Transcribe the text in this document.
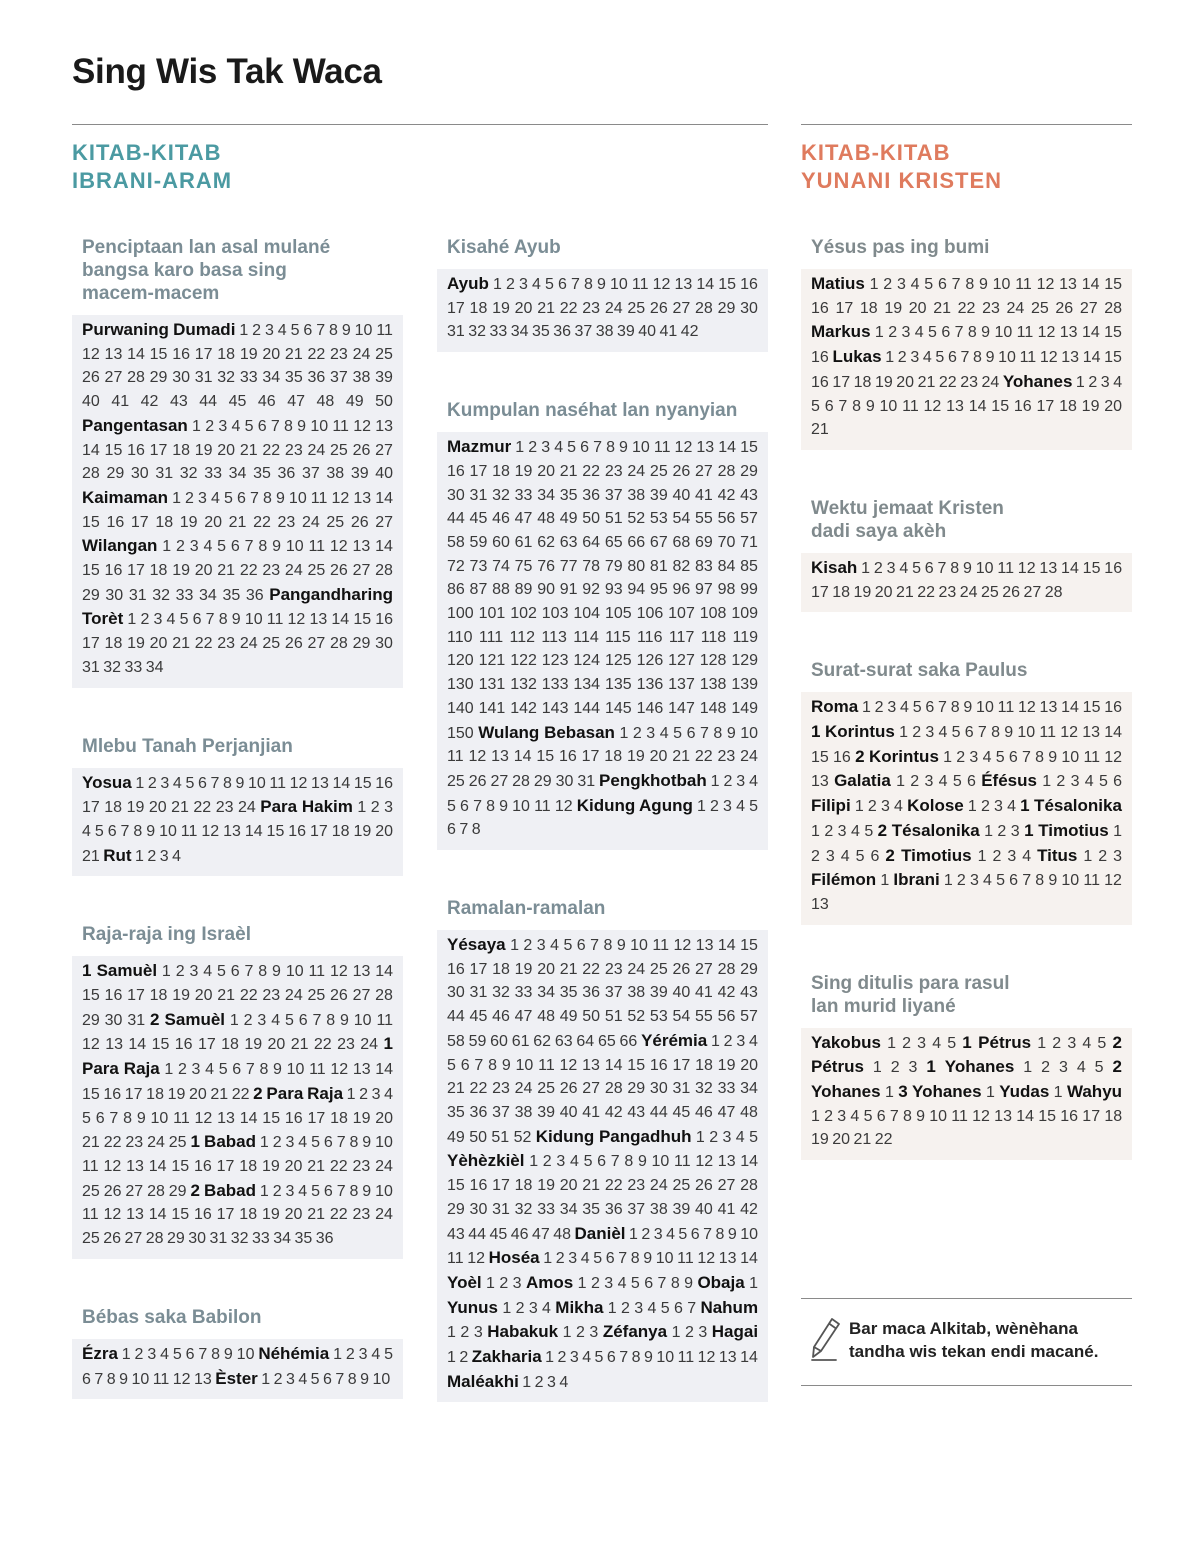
Sing Wis Tak Waca
KITAB-KITAB
IBRANI-ARAM
KITAB-KITAB
YUNANI KRISTEN
Penciptaan lan asal mulané
bangsa karo basa sing
macem-macem
Purwaning Dumadi 1 2 3 4 5 6 7 8 9 10 11 12 13 14 15 16 17 18 19 20 21 22 23 24 25 26 27 28 29 30 31 32 33 34 35 36 37 38 39 40 41 42 43 44 45 46 47 48 49 50 Pangentasan 1 2 3 4 5 6 7 8 9 10 11 12 13 14 15 16 17 18 19 20 21 22 23 24 25 26 27 28 29 30 31 32 33 34 35 36 37 38 39 40 Kaimaman 1 2 3 4 5 6 7 8 9 10 11 12 13 14 15 16 17 18 19 20 21 22 23 24 25 26 27 Wilangan 1 2 3 4 5 6 7 8 9 10 11 12 13 14 15 16 17 18 19 20 21 22 23 24 25 26 27 28 29 30 31 32 33 34 35 36 Pangandharing Torèt 1 2 3 4 5 6 7 8 9 10 11 12 13 14 15 16 17 18 19 20 21 22 23 24 25 26 27 28 29 30 31 32 33 34
Mlebu Tanah Perjanjian
Yosua 1 2 3 4 5 6 7 8 9 10 11 12 13 14 15 16 17 18 19 20 21 22 23 24 Para Hakim 1 2 3 4 5 6 7 8 9 10 11 12 13 14 15 16 17 18 19 20 21 Rut 1 2 3 4
Raja-raja ing Israèl
1 Samuèl 1 2 3 4 5 6 7 8 9 10 11 12 13 14 15 16 17 18 19 20 21 22 23 24 25 26 27 28 29 30 31 2 Samuèl 1 2 3 4 5 6 7 8 9 10 11 12 13 14 15 16 17 18 19 20 21 22 23 24 1 Para Raja 1 2 3 4 5 6 7 8 9 10 11 12 13 14 15 16 17 18 19 20 21 22 2 Para Raja 1 2 3 4 5 6 7 8 9 10 11 12 13 14 15 16 17 18 19 20 21 22 23 24 25 1 Babad 1 2 3 4 5 6 7 8 9 10 11 12 13 14 15 16 17 18 19 20 21 22 23 24 25 26 27 28 29 2 Babad 1 2 3 4 5 6 7 8 9 10 11 12 13 14 15 16 17 18 19 20 21 22 23 24 25 26 27 28 29 30 31 32 33 34 35 36
Bébas saka Babilon
Ézra 1 2 3 4 5 6 7 8 9 10 Néhémia 1 2 3 4 5 6 7 8 9 10 11 12 13 Èster 1 2 3 4 5 6 7 8 9 10
Kisahé Ayub
Ayub 1 2 3 4 5 6 7 8 9 10 11 12 13 14 15 16 17 18 19 20 21 22 23 24 25 26 27 28 29 30 31 32 33 34 35 36 37 38 39 40 41 42
Kumpulan naséhat lan nyanyian
Mazmur 1 2 3 4 5 6 7 8 9 10 11 12 13 14 15 16 17 18 19 20 21 22 23 24 25 26 27 28 29 30 31 32 33 34 35 36 37 38 39 40 41 42 43 44 45 46 47 48 49 50 51 52 53 54 55 56 57 58 59 60 61 62 63 64 65 66 67 68 69 70 71 72 73 74 75 76 77 78 79 80 81 82 83 84 85 86 87 88 89 90 91 92 93 94 95 96 97 98 99 100 101 102 103 104 105 106 107 108 109 110 111 112 113 114 115 116 117 118 119 120 121 122 123 124 125 126 127 128 129 130 131 132 133 134 135 136 137 138 139 140 141 142 143 144 145 146 147 148 149 150 Wulang Bebasan 1 2 3 4 5 6 7 8 9 10 11 12 13 14 15 16 17 18 19 20 21 22 23 24 25 26 27 28 29 30 31 Pengkhotbah 1 2 3 4 5 6 7 8 9 10 11 12 Kidung Agung 1 2 3 4 5 6 7 8
Ramalan-ramalan
Yésaya 1 2 3 4 5 6 7 8 9 10 11 12 13 14 15 16 17 18 19 20 21 22 23 24 25 26 27 28 29 30 31 32 33 34 35 36 37 38 39 40 41 42 43 44 45 46 47 48 49 50 51 52 53 54 55 56 57 58 59 60 61 62 63 64 65 66 Yérémia 1 2 3 4 5 6 7 8 9 10 11 12 13 14 15 16 17 18 19 20 21 22 23 24 25 26 27 28 29 30 31 32 33 34 35 36 37 38 39 40 41 42 43 44 45 46 47 48 49 50 51 52 Kidung Pangadhuh 1 2 3 4 5 Yèhèzkièl 1 2 3 4 5 6 7 8 9 10 11 12 13 14 15 16 17 18 19 20 21 22 23 24 25 26 27 28 29 30 31 32 33 34 35 36 37 38 39 40 41 42 43 44 45 46 47 48 Danièl 1 2 3 4 5 6 7 8 9 10 11 12 Hoséa 1 2 3 4 5 6 7 8 9 10 11 12 13 14 Yoèl 1 2 3 Amos 1 2 3 4 5 6 7 8 9 Obaja 1 Yunus 1 2 3 4 Mikha 1 2 3 4 5 6 7 Nahum 1 2 3 Habakuk 1 2 3 Zéfanya 1 2 3 Hagai 1 2 Zakharia 1 2 3 4 5 6 7 8 9 10 11 12 13 14 Maléakhi 1 2 3 4
Yésus pas ing bumi
Matius 1 2 3 4 5 6 7 8 9 10 11 12 13 14 15 16 17 18 19 20 21 22 23 24 25 26 27 28 Markus 1 2 3 4 5 6 7 8 9 10 11 12 13 14 15 16 Lukas 1 2 3 4 5 6 7 8 9 10 11 12 13 14 15 16 17 18 19 20 21 22 23 24 Yohanes 1 2 3 4 5 6 7 8 9 10 11 12 13 14 15 16 17 18 19 20 21
Wektu jemaat Kristen
dadi saya akèh
Kisah 1 2 3 4 5 6 7 8 9 10 11 12 13 14 15 16 17 18 19 20 21 22 23 24 25 26 27 28
Surat-surat saka Paulus
Roma 1 2 3 4 5 6 7 8 9 10 11 12 13 14 15 16 1 Korintus 1 2 3 4 5 6 7 8 9 10 11 12 13 14 15 16 2 Korintus 1 2 3 4 5 6 7 8 9 10 11 12 13 Galatia 1 2 3 4 5 6 Éfésus 1 2 3 4 5 6 Filipi 1 2 3 4 Kolose 1 2 3 4 1 Tésalonika 1 2 3 4 5 2 Tésalonika 1 2 3 1 Timotius 1 2 3 4 5 6 2 Timotius 1 2 3 4 Titus 1 2 3 Filémon 1 Ibrani 1 2 3 4 5 6 7 8 9 10 11 12 13
Sing ditulis para rasul
lan murid liyané
Yakobus 1 2 3 4 5 1 Pétrus 1 2 3 4 5 2 Pétrus 1 2 3 1 Yohanes 1 2 3 4 5 2 Yohanes 1 3 Yohanes 1 Yudas 1 Wahyu 1 2 3 4 5 6 7 8 9 10 11 12 13 14 15 16 17 18 19 20 21 22
Bar maca Alkitab, wènèhana
tandha wis tekan endi macané.
